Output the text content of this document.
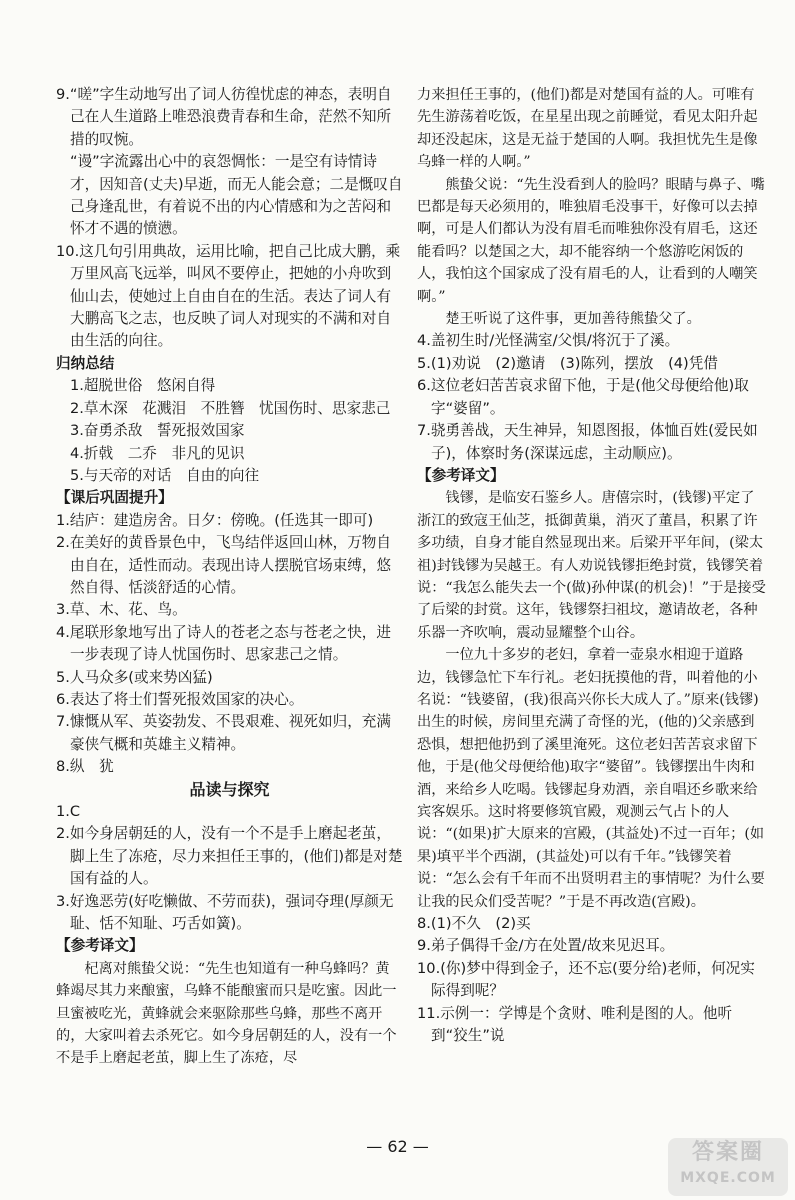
9.“嗟”字生动地写出了词人彷徨忧虑的神态，表明自己在人生道路上唯恐浪费青春和生命，茫然不知所措的叹惋。

“谩”字流露出心中的哀怨惆怅：一是空有诗情诗才，因知音(丈夫)早逝，而无人能会意；二是慨叹自己身逢乱世，有着说不出的内心情感和为之苦闷和怀才不遇的愤懑。

10.这几句引用典故，运用比喻，把自己比成大鹏，乘万里风高飞远举，叫风不要停止，把她的小舟吹到仙山去，使她过上自由自在的生活。表达了词人有大鹏高飞之志，也反映了词人对现实的不满和对自由生活的向往。

归纳总结

1.超脱世俗　悠闲自得

2.草木深　花溅泪　不胜簪　忧国伤时、思家悲己

3.奋勇杀敌　誓死报效国家

4.折戟　二乔　非凡的见识

5.与天帝的对话　自由的向往

【课后巩固提升】

1.结庐：建造房舍。日夕：傍晚。(任选其一即可)

2.在美好的黄昏景色中，飞鸟结伴返回山林，万物自由自在，适性而动。表现出诗人摆脱官场束缚，悠然自得、恬淡舒适的心情。

3.草、木、花、鸟。

4.尾联形象地写出了诗人的苍老之态与苍老之快，进一步表现了诗人忧国伤时、思家悲己之情。

5.人马众多(或来势凶猛)

6.表达了将士们誓死报效国家的决心。

7.慷慨从军、英姿勃发、不畏艰难、视死如归，充满豪侠气概和英雄主义精神。

8.纵　犹

品读与探究

1.C

2.如今身居朝廷的人，没有一个不是手上磨起老茧，脚上生了冻疮，尽力来担任王事的，(他们)都是对楚国有益的人。

3.好逸恶劳(好吃懒做、不劳而获)，强词夺理(厚颜无耻、恬不知耻、巧舌如簧)。

【参考译文】

杞离对熊蛰父说：“先生也知道有一种乌蜂吗？黄蜂竭尽其力来酿蜜，乌蜂不能酿蜜而只是吃蜜。因此一旦蜜被吃光，黄蜂就会来驱除那些乌蜂，那些不离开的，大家叫着去杀死它。如今身居朝廷的人，没有一个不是手上磨起老茧，脚上生了冻疮，尽

力来担任王事的，(他们)都是对楚国有益的人。可唯有先生游荡着吃饭，在星星出现之前睡觉，看见太阳升起却还没起床，这是无益于楚国的人啊。我担忧先生是像乌蜂一样的人啊。”

熊蛰父说：“先生没看到人的脸吗？眼睛与鼻子、嘴巴都是每天必须用的，唯独眉毛没事干，好像可以去掉啊，可是人们都认为没有眉毛而唯独你没有眉毛，这还能看吗？以楚国之大，却不能容纳一个悠游吃闲饭的人，我怕这个国家成了没有眉毛的人，让看到的人嘲笑啊。”

楚王听说了这件事，更加善待熊蛰父了。

4.盖初生时/光怪满室/父惧/将沉于了溪。

5.(1)劝说　(2)邀请　(3)陈列，摆放　(4)凭借

6.这位老妇苦苦哀求留下他，于是(他父母便给他)取字“婆留”。

7.骁勇善战，天生神异，知恩图报，体恤百姓(爱民如子)，体察时务(深谋远虑，主动顺应)。

【参考译文】

钱镠，是临安石鉴乡人。唐僖宗时，(钱镠)平定了浙江的致寇王仙芝，抵御黄巢，消灭了董昌，积累了许多功绩，自身才能自然显现出来。后梁开平年间，(梁太祖)封钱镠为吴越王。有人劝说钱镠拒绝封赏，钱镠笑着说：“我怎么能失去一个(做)孙仲谋(的机会)！”于是接受了后梁的封赏。这年，钱镠祭扫祖坟，邀请故老，各种乐器一齐吹响，震动显耀整个山谷。

一位九十多岁的老妇，拿着一壶泉水相迎于道路边，钱镠急忙下车行礼。老妇抚摸他的背，叫着他的小名说：“钱婆留，(我)很高兴你长大成人了。”原来(钱镠)出生的时候，房间里充满了奇怪的光，(他的)父亲感到恐惧，想把他扔到了溪里淹死。这位老妇苦苦哀求留下他，于是(他父母便给他)取字“婆留”。钱镠摆出牛肉和酒，来给乡人吃喝。钱镠起身劝酒，亲自唱还乡歌来给宾客娱乐。这时将要修筑官殿，观测云气占卜的人说：“(如果)扩大原来的宫殿，(其益处)不过一百年；(如果)填平半个西湖，(其益处)可以有千年。”钱镠笑着说：“怎么会有千年而不出贤明君主的事情呢？为什么要让我的民众们受苦呢？”于是不再改造(宫殿)。

8.(1)不久　(2)买

9.弟子偶得千金/方在处置/故来见迟耳。

10.(你)梦中得到金子，还不忘(要分给)老师，何况实际得到呢？

11.示例一：学博是个贪财、唯利是图的人。他听到“狡生”说

— 62 —	答案圈
MXQE.COM
